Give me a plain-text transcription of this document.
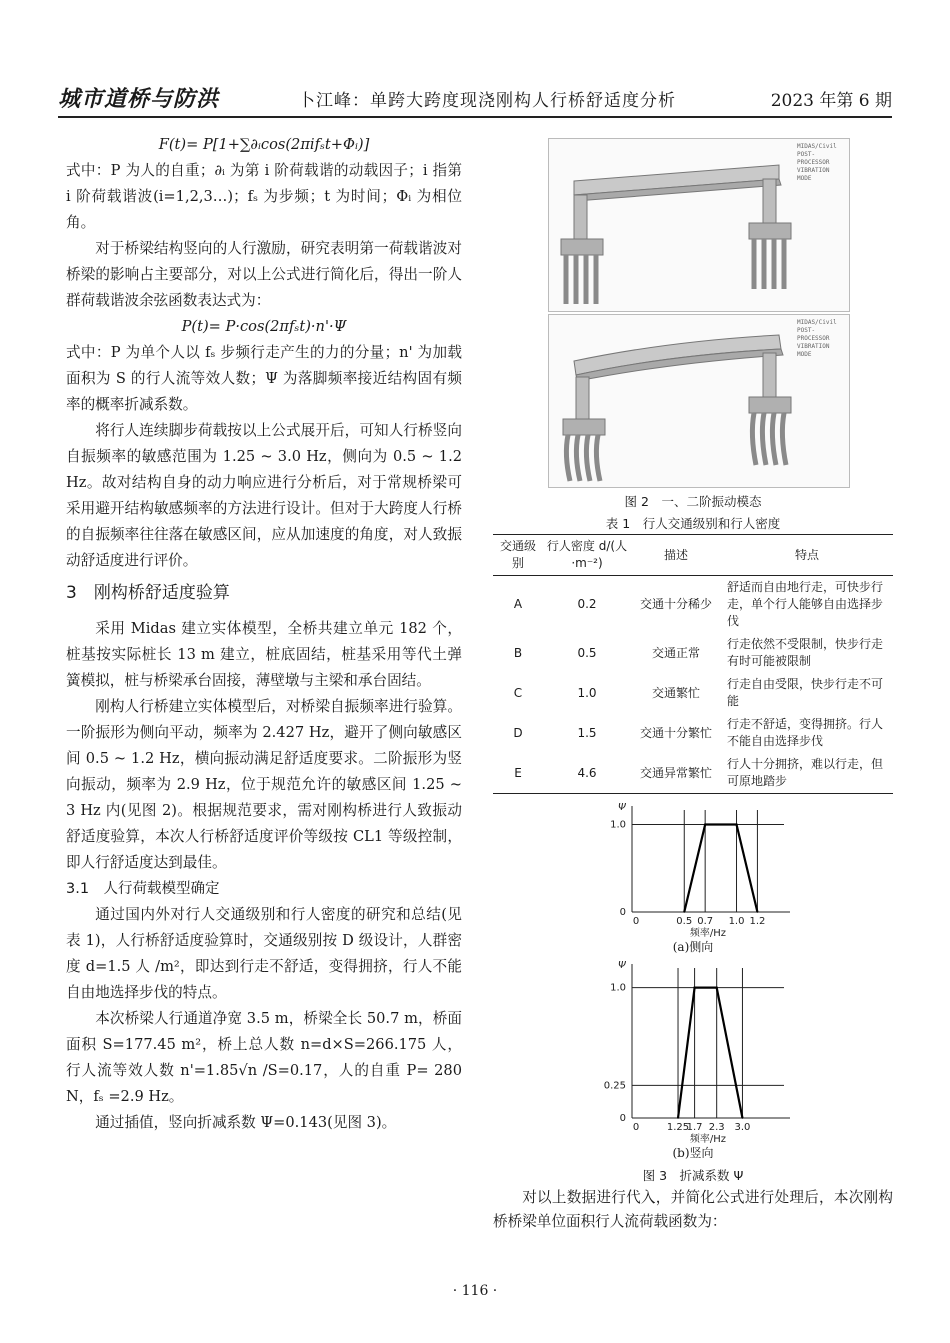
城市道桥与防洪	卜江峰：单跨大跨度现浇刚构人行桥舒适度分析	2023 年第 6 期

F(t)= P[1+∑∂ᵢcos(2πifₛt+Φᵢ)]

式中：P 为人的自重；∂ᵢ 为第 i 阶荷载谐的动载因子；i 指第 i 阶荷载谐波(i=1,2,3…)；fₛ 为步频；t 为时间；Φᵢ 为相位角。

对于桥梁结构竖向的人行激励，研究表明第一荷载谐波对桥梁的影响占主要部分，对以上公式进行简化后，得出一阶人群荷载谐波余弦函数表达式为：

P(t)= P·cos(2πfₛt)·n'·Ψ

式中：P 为单个人以 fₛ 步频行走产生的力的分量；n' 为加载面积为 S 的行人流等效人数；Ψ 为落脚频率接近结构固有频率的概率折减系数。

将行人连续脚步荷载按以上公式展开后，可知人行桥竖向自振频率的敏感范围为 1.25 ~ 3.0 Hz，侧向为 0.5 ~ 1.2 Hz。故对结构自身的动力响应进行分析后，对于常规桥梁可采用避开结构敏感频率的方法进行设计。但对于大跨度人行桥的自振频率往往落在敏感区间，应从加速度的角度，对人致振动舒适度进行评价。

3　刚构桥舒适度验算

采用 Midas 建立实体模型，全桥共建立单元 182 个，桩基按实际桩长 13 m 建立，桩底固结，桩基采用等代土弹簧模拟，桩与桥梁承台固接，薄壁墩与主梁和承台固结。

刚构人行桥建立实体模型后，对桥梁自振频率进行验算。一阶振形为侧向平动，频率为 2.427 Hz，避开了侧向敏感区间 0.5 ~ 1.2 Hz，横向振动满足舒适度要求。二阶振形为竖向振动，频率为 2.9 Hz，位于规范允许的敏感区间 1.25 ~ 3 Hz 内(见图 2)。根据规范要求，需对刚构桥进行人致振动舒适度验算，本次人行桥舒适度评价等级按 CL1 等级控制，即人行舒适度达到最佳。

3.1　人行荷载模型确定

通过国内外对行人交通级别和行人密度的研究和总结(见表 1)，人行桥舒适度验算时，交通级别按 D 级设计，人群密度 d=1.5 人 /m²，即达到行走不舒适，变得拥挤，行人不能自由地选择步伐的特点。

本次桥梁人行通道净宽 3.5 m，桥梁全长 50.7 m，桥面面积 S=177.45 m²，桥上总人数 n=d×S=266.175 人，行人流等效人数 n'=1.85√n /S=0.17，人的自重 P= 280 N，fₛ =2.9 Hz。

通过插值，竖向折减系数 Ψ=0.143(见图 3)。

MIDAS/Civil
POST-PROCESSOR
VIBRATION MODE
MIDAS/Civil
POST-PROCESSOR
VIBRATION MODE
图 2　一、二阶振动模态
表 1　行人交通级别和行人密度
交通级别	行人密度 d/(人·m⁻²)	描述	特点
A	0.2	交通十分稀少	舒适而自由地行走，可快步行走，单个行人能够自由选择步伐
B	0.5	交通正常	行走依然不受限制，快步行走有时可能被限制
C	1.0	交通繁忙	行走自由受限，快步行走不可能
D	1.5	交通十分繁忙	行走不舒适，变得拥挤。行人不能自由选择步伐
E	4.6	交通异常繁忙	行人十分拥挤，难以行走，但可原地踏步
Ψ
0
1.0
0	0.5 0.7 1.0 1.2
频率/Hz
(a)侧向
Ψ
0
0.25
1.0
0	1.25
1.7 2.3 3.0
频率/Hz
(b)竖向
图 3　折减系数 Ψ

对以上数据进行代入，并简化公式进行处理后，本次刚构桥桥梁单位面积行人流荷载函数为：

· 116 ·
